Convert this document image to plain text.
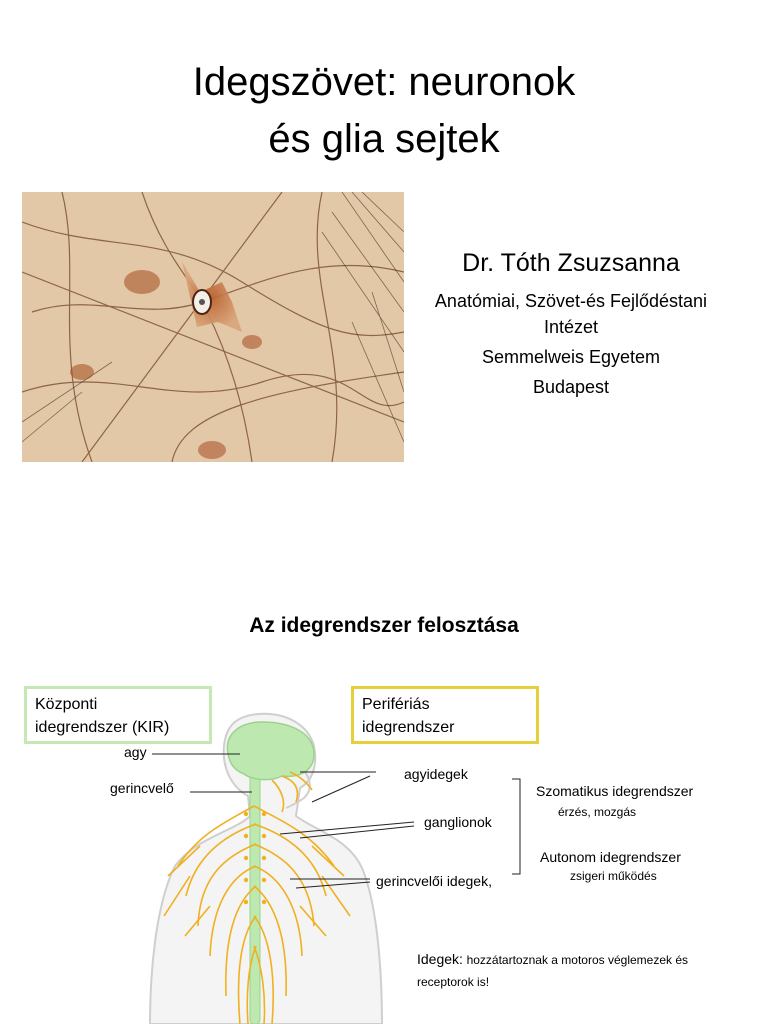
Idegszövet: neuronok
és glia sejtek
Dr. Tóth Zsuzsanna
Anatómiai, Szövet-és Fejlődéstani
Intézet
Semmelweis Egyetem
Budapest
Az idegrendszer felosztása
Központi
idegrendszer (KIR)
Perifériás
idegrendszer
agy
gerincvelő
agyidegek
ganglionok
gerincvelői idegek,
Szomatikus idegrendszer
érzés, mozgás
Autonom idegrendszer
zsigeri működés
Idegek: hozzátartoznak a motoros véglemezek és receptorok is!
